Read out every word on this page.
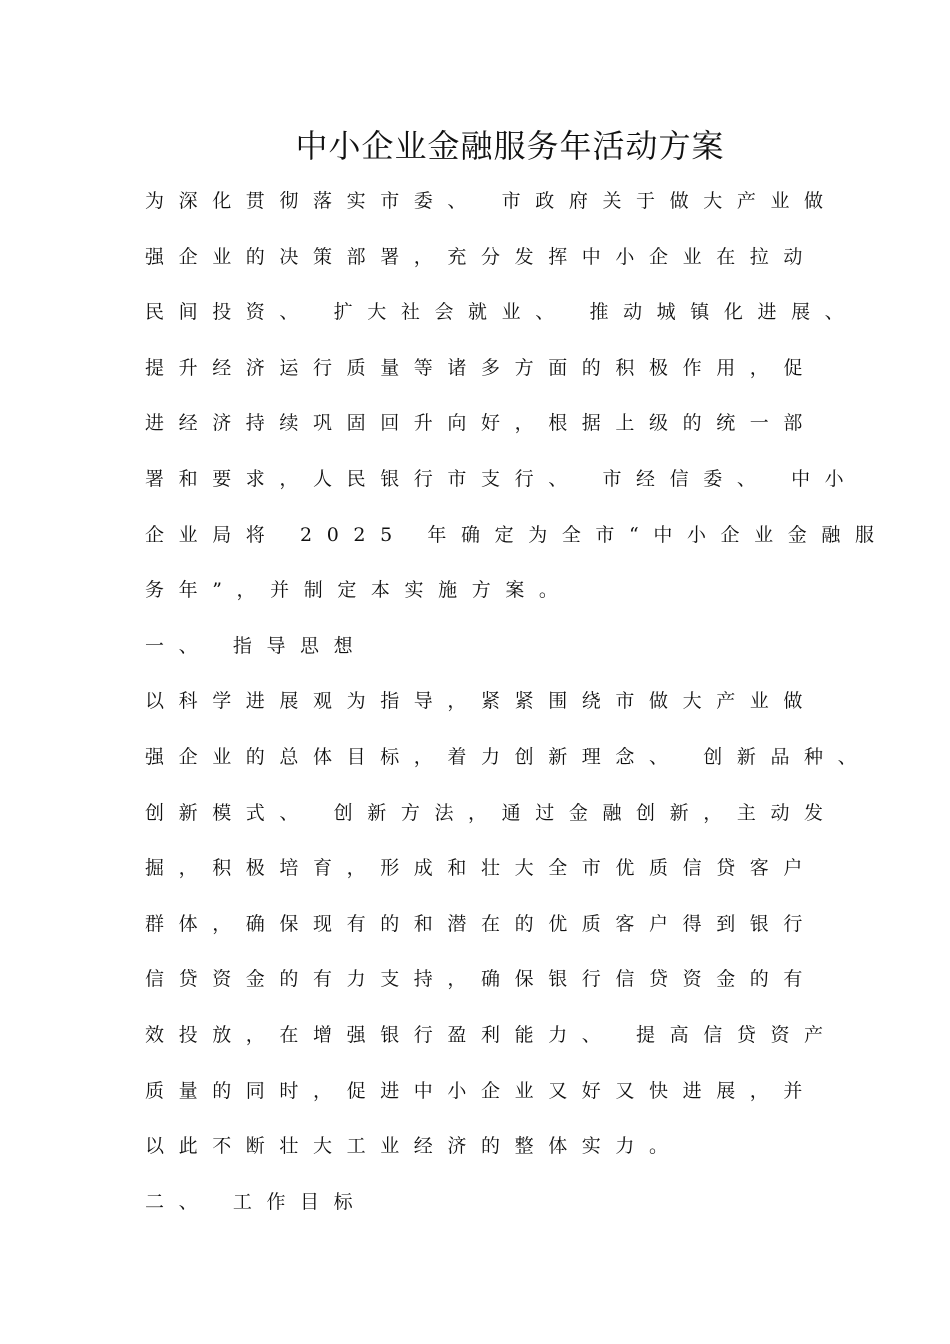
中小企业金融服务年活动方案
为深化贯彻落实市委、 市政府关于做大产业做
强企业的决策部署，充分发挥中小企业在拉动
民间投资、 扩大社会就业、 推动城镇化进展、
提升经济运行质量等诸多方面的积极作用，促
进经济持续巩固回升向好，根据上级的统一部
署和要求，人民银行市支行、 市经信委、 中小
企业局将 2025 年确定为全市“中小企业金融服
务年”，并制定本实施方案。
一、 指导思想
以科学进展观为指导，紧紧围绕市做大产业做
强企业的总体目标，着力创新理念、 创新品种、
创新模式、 创新方法，通过金融创新，主动发
掘，积极培育，形成和壮大全市优质信贷客户
群体，确保现有的和潜在的优质客户得到银行
信贷资金的有力支持，确保银行信贷资金的有
效投放，在增强银行盈利能力、 提高信贷资产
质量的同时，促进中小企业又好又快进展，并
以此不断壮大工业经济的整体实力。
二、 工作目标
